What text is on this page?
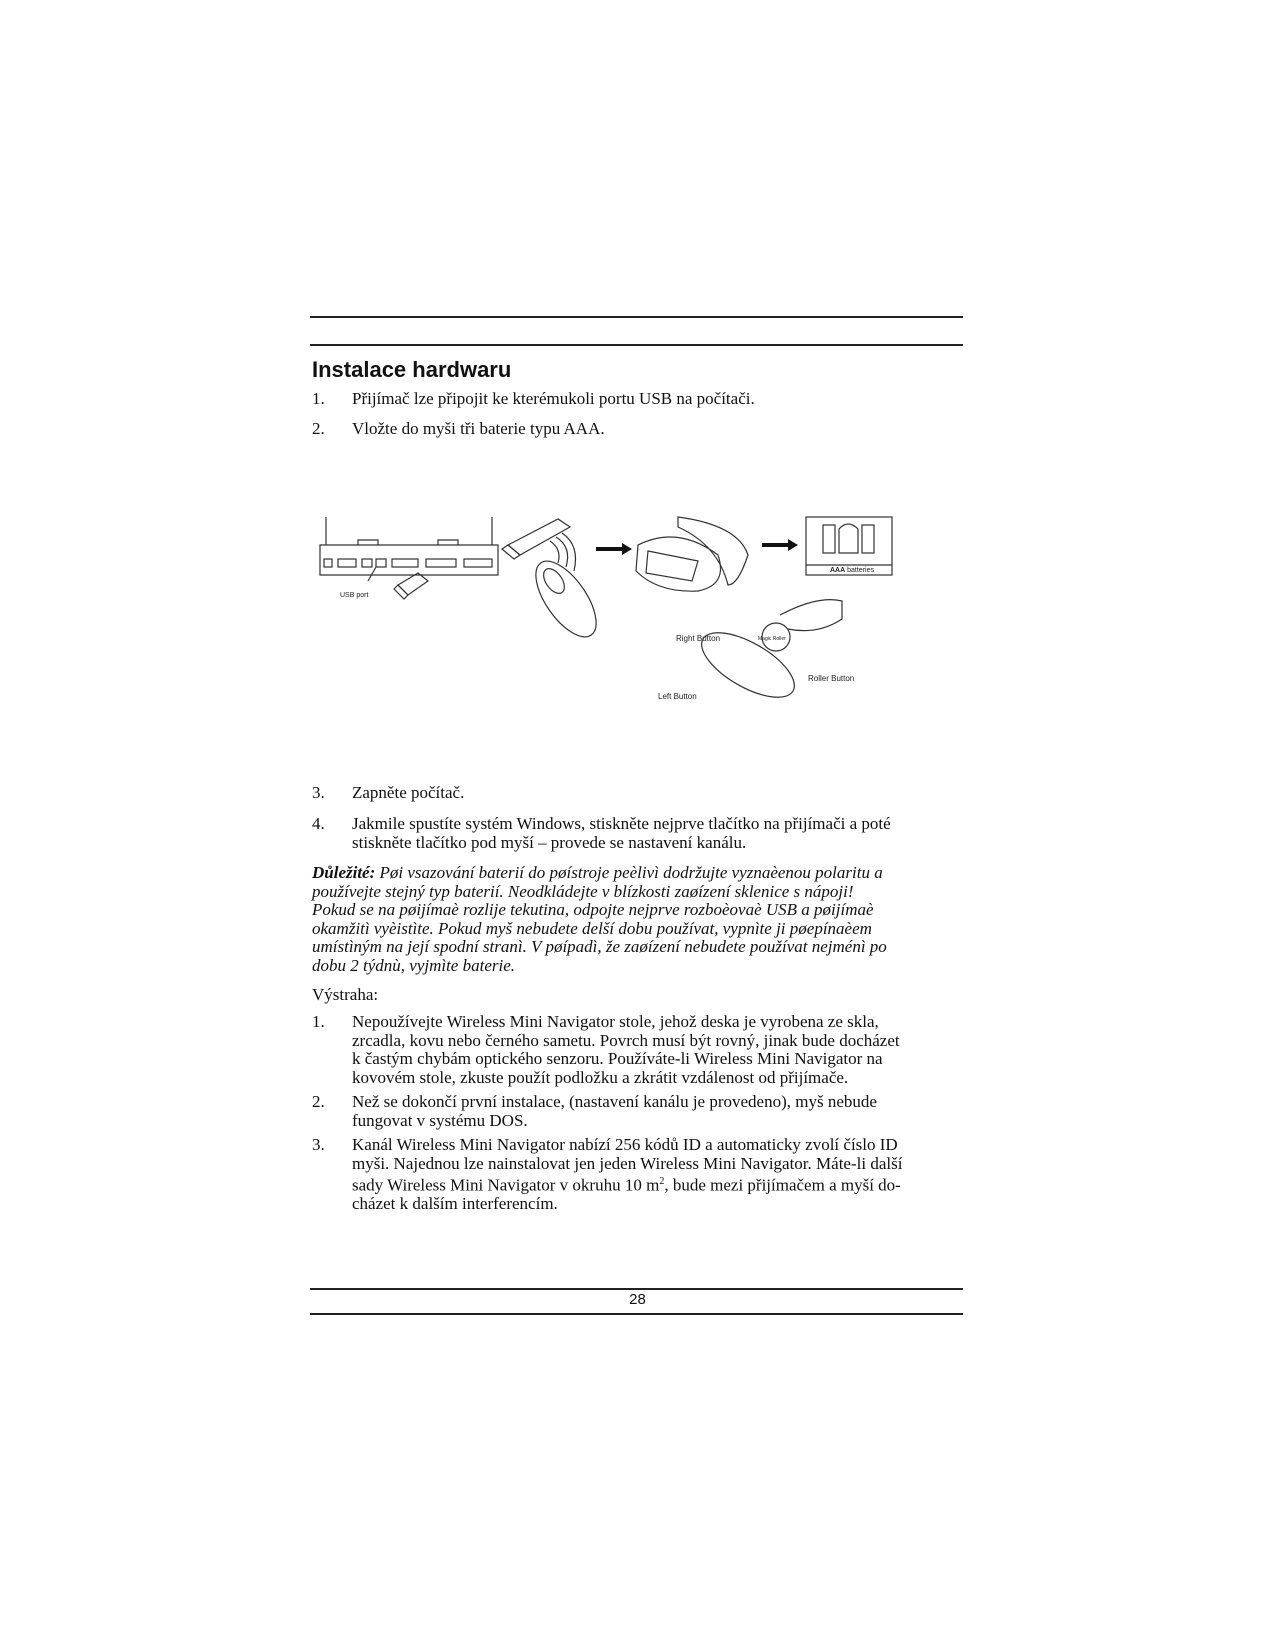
Instalace hardwaru
1. Přijímač lze připojit ke kterémukoli portu USB na počítači.
2. Vložte do myši tři baterie typu AAA.
USB port
AAA batteries
Right Button	Magic Roller
Roller Button
Left Button
3. Zapněte počítač.
4. Jakmile spustíte systém Windows, stiskněte nejprve tlačítko na přijímači a poté
stiskněte tlačítko pod myší – provede se nastavení kanálu.
Důležité: Pøi vsazování baterií do pøístroje peèlivì dodržujte vyznaèenou polaritu a
používejte stejný typ baterií. Neodkládejte v blízkosti zaøízení sklenice s nápoji!
Pokud se na pøijímaè rozlije tekutina, odpojte nejprve rozboèovaè USB a pøijímaè
okamžitì vyèistìte. Pokud myš nebudete delší dobu používat, vypnìte ji pøepínaèem
umístìným na její spodní stranì. V pøípadì, že zaøízení nebudete používat nejménì po
dobu 2 týdnù, vyjmìte baterie.
Výstraha:
1. Nepoužívejte Wireless Mini Navigator stole, jehož deska je vyrobena ze skla,
zrcadla, kovu nebo černého sametu. Povrch musí být rovný, jinak bude docházet
k častým chybám optického senzoru. Používáte-li Wireless Mini Navigator na
kovovém stole, zkuste použít podložku a zkrátit vzdálenost od přijímače.
2. Než se dokončí první instalace, (nastavení kanálu je provedeno), myš nebude
fungovat v systému DOS.
3. Kanál Wireless Mini Navigator nabízí 256 kódů ID a automaticky zvolí číslo ID
myši. Najednou lze nainstalovat jen jeden Wireless Mini Navigator. Máte-li další
sady Wireless Mini Navigator v okruhu 10 $m^2$, bude mezi přijímačem a myší do-
cházet k dalším interferencím.
28
